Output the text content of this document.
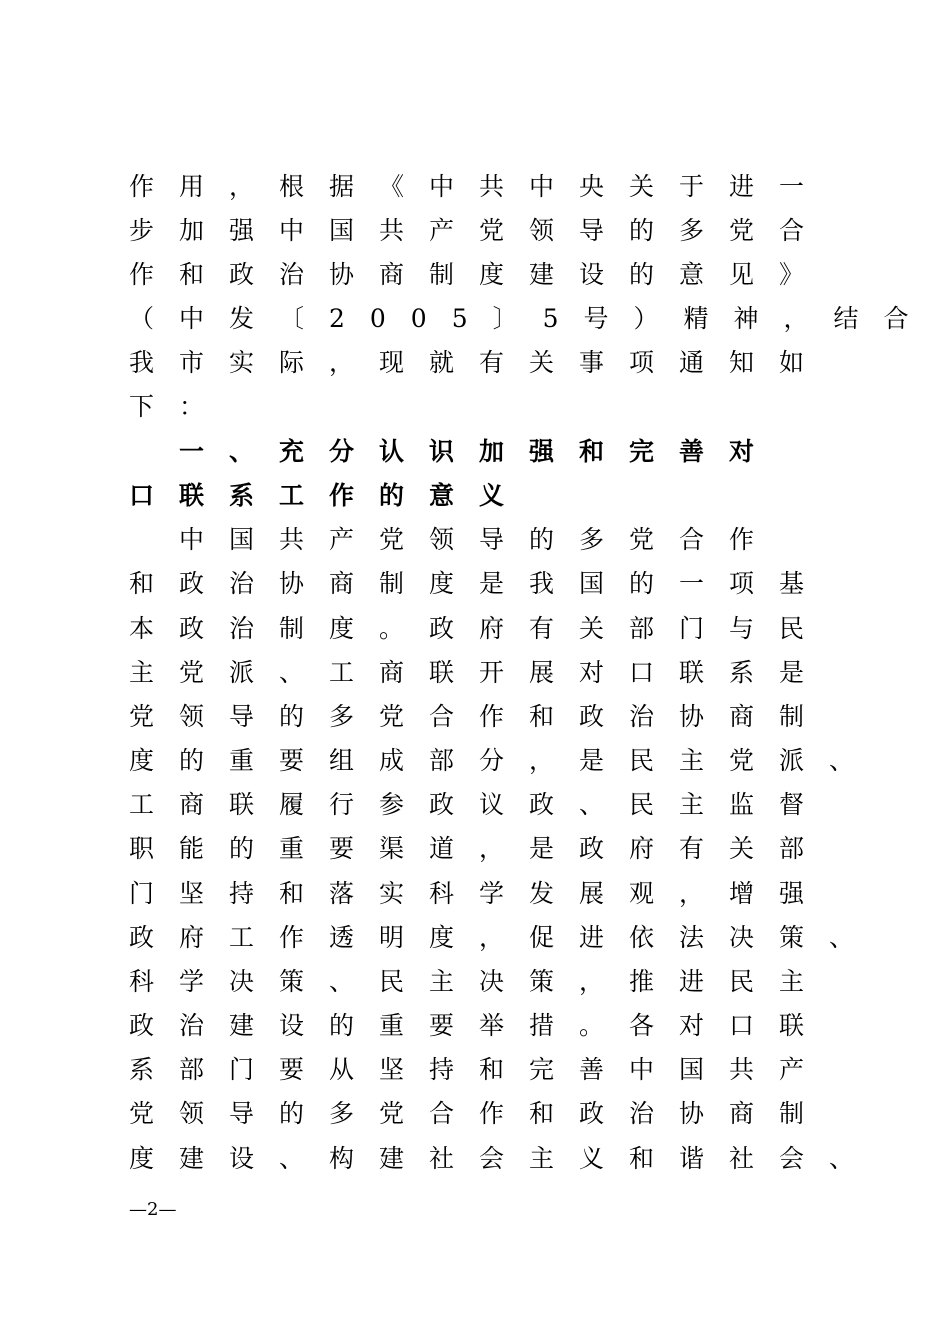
作用，根据《中共中央关于进一
步加强中国共产党领导的多党合
作和政治协商制度建设的意见》
（中发〔2005〕5号）精神，结合
我市实际，现就有关事项通知如
下：
　一、充分认识加强和完善对
口联系工作的意义
　中国共产党领导的多党合作
和政治协商制度是我国的一项基
本政治制度。政府有关部门与民
主党派、工商联开展对口联系是
党领导的多党合作和政治协商制
度的重要组成部分，是民主党派、
工商联履行参政议政、民主监督
职能的重要渠道，是政府有关部
门坚持和落实科学发展观，增强
政府工作透明度，促进依法决策、
科学决策、民主决策，推进民主
政治建设的重要举措。各对口联
系部门要从坚持和完善中国共产
党领导的多党合作和政治协商制
度建设、构建社会主义和谐社会、
—2—
